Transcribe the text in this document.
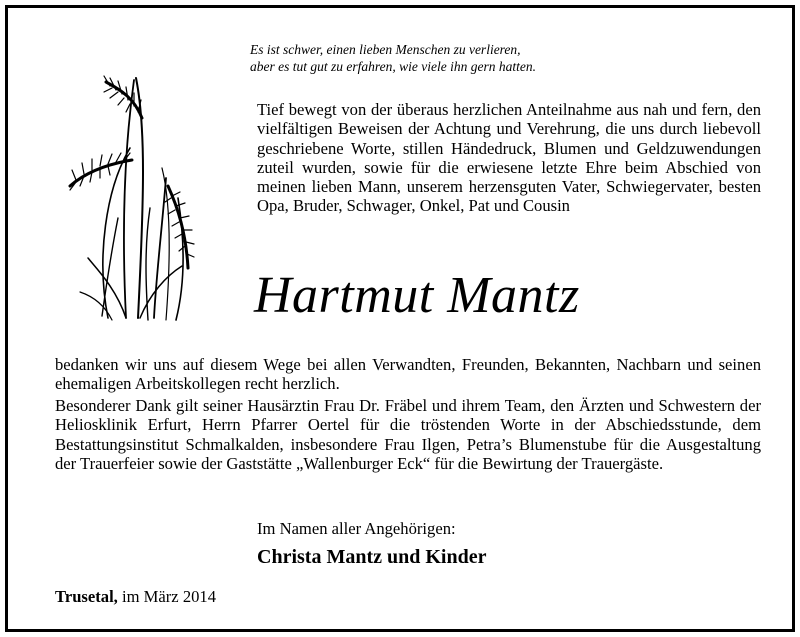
Es ist schwer, einen lieben Menschen zu verlieren,
aber es tut gut zu erfahren, wie viele ihn gern hatten.
Tief bewegt von der überaus herzlichen Anteilnahme aus nah und fern, den vielfältigen Beweisen der Achtung und Verehrung, die uns durch liebevoll geschriebene Worte, stillen Händedruck, Blumen und Geldzuwendungen zuteil wurden, sowie für die erwiesene letzte Ehre beim Abschied von meinen lieben Mann, unserem herzensguten Vater, Schwiegervater, besten Opa, Bruder, Schwager, Onkel, Pat und Cousin
Hartmut Mantz
bedanken wir uns auf diesem Wege bei allen Verwandten, Freunden, Bekannten, Nachbarn und seinen ehemaligen Arbeitskollegen recht herzlich.
Besonderer Dank gilt seiner Hausärztin Frau Dr. Fräbel und ihrem Team, den Ärzten und Schwestern der Heliosklinik Erfurt, Herrn Pfarrer Oertel für die tröstenden Worte in der Abschiedsstunde, dem Bestattungsinstitut Schmalkalden, insbesondere Frau Ilgen, Petra’s Blumenstube für die Ausgestaltung der Trauerfeier sowie der Gaststätte „Wallenburger Eck“ für die Bewirtung der Trauergäste.
Im Namen aller Angehörigen:
Christa Mantz und Kinder
Trusetal, im März 2014
